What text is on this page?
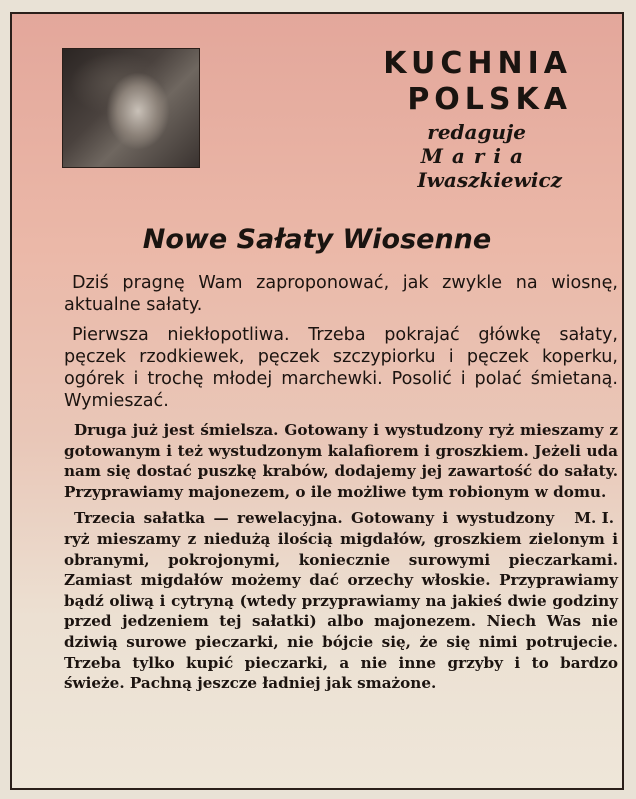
KUCHNIA
POLSKA
redaguje
Maria
Iwaszkiewicz
Nowe Sałaty Wiosenne

Dziś pragnę Wam zaproponować, jak zwykle na wiosnę, aktualne sałaty.

Pierwsza niekłopotliwa. Trzeba pokrajać główkę sałaty, pęczek rzodkiewek, pęczek szczypiorku i pęczek koperku, ogórek i trochę młodej marchewki. Posolić i polać śmietaną. Wymieszać.

Druga już jest śmielsza. Gotowany i wystudzony ryż mieszamy z gotowanym i też wystudzonym kalafiorem i groszkiem. Jeżeli uda nam się dostać puszkę krabów, dodajemy jej zawartość do sałaty. Przyprawiamy majonezem, o ile możliwe tym robionym w domu.

M. I.
Trzecia sałatka — rewelacyjna. Gotowany i wystudzony ryż mieszamy z niedużą ilością migdałów, groszkiem zielonym i obranymi, pokrojonymi, koniecznie surowymi pieczarkami. Zamiast migdałów możemy dać orzechy włoskie. Przyprawiamy bądź oliwą i cytryną (wtedy przyprawiamy na jakieś dwie godziny przed jedzeniem tej sałatki) albo majonezem. Niech Was nie dziwią surowe pieczarki, nie bójcie się, że się nimi potrujecie. Trzeba tylko kupić pieczarki, a nie inne grzyby i to bardzo świeże. Pachną jeszcze ładniej jak smażone.
